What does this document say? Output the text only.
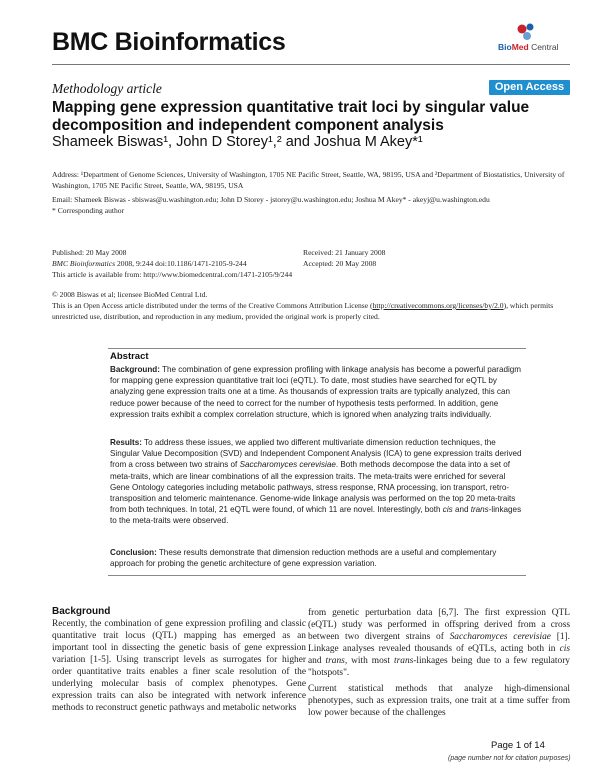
BMC Bioinformatics	BioMed Central
Methodology article	Open Access
Mapping gene expression quantitative trait loci by singular value decomposition and independent component analysis
Shameek Biswas¹, John D Storey¹,² and Joshua M Akey*¹
Address: ¹Department of Genome Sciences, University of Washington, 1705 NE Pacific Street, Seattle, WA, 98195, USA and ²Department of Biostatistics, University of Washington, 1705 NE Pacific Street, Seattle, WA, 98195, USA
Email: Shameek Biswas - sbiswas@u.washington.edu; John D Storey - jstorey@u.washington.edu; Joshua M Akey* - akeyj@u.washington.edu
* Corresponding author
Published: 20 May 2008
BMC Bioinformatics 2008, 9:244 doi:10.1186/1471-2105-9-244
This article is available from: http://www.biomedcentral.com/1471-2105/9/244
Received: 21 January 2008
Accepted: 20 May 2008
© 2008 Biswas et al; licensee BioMed Central Ltd.
This is an Open Access article distributed under the terms of the Creative Commons Attribution License (http://creativecommons.org/licenses/by/2.0), which permits unrestricted use, distribution, and reproduction in any medium, provided the original work is properly cited.
Abstract
Background: The combination of gene expression profiling with linkage analysis has become a powerful paradigm for mapping gene expression quantitative trait loci (eQTL). To date, most studies have searched for eQTL by analyzing gene expression traits one at a time. As thousands of expression traits are typically analyzed, this can reduce power because of the need to correct for the number of hypothesis tests performed. In addition, gene expression traits exhibit a complex correlation structure, which is ignored when analyzing traits individually.
Results: To address these issues, we applied two different multivariate dimension reduction techniques, the Singular Value Decomposition (SVD) and Independent Component Analysis (ICA) to gene expression traits derived from a cross between two strains of Saccharomyces cerevisiae. Both methods decompose the data into a set of meta-traits, which are linear combinations of all the expression traits. The meta-traits were enriched for several Gene Ontology categories including metabolic pathways, stress response, RNA processing, ion transport, retro-transposition and telomeric maintenance. Genome-wide linkage analysis was performed on the top 20 meta-traits from both techniques. In total, 21 eQTL were found, of which 11 are novel. Interestingly, both cis and trans-linkages to the meta-traits were observed.
Conclusion: These results demonstrate that dimension reduction methods are a useful and complementary approach for probing the genetic architecture of gene expression variation.
Background
Recently, the combination of gene expression profiling and classic quantitative trait locus (QTL) mapping has emerged as an important tool in dissecting the genetic basis of gene expression variation [1-5]. Using transcript levels as surrogates for higher order quantitative traits enables a finer scale resolution of the underlying molecular basis of complex phenotypes. Gene expression traits can also be integrated with network inference methods to reconstruct genetic pathways and metabolic networks
from genetic perturbation data [6,7]. The first expression QTL (eQTL) study was performed in offspring derived from a cross between two divergent strains of Saccharomyces cerevisiae [1]. Linkage analyses revealed thousands of eQTLs, acting both in cis and trans, with most trans-linkages being due to a few regulatory "hotspots".
Current statistical methods that analyze high-dimensional phenotypes, such as expression traits, one trait at a time suffer from low power because of the challenges
Page 1 of 14
(page number not for citation purposes)
